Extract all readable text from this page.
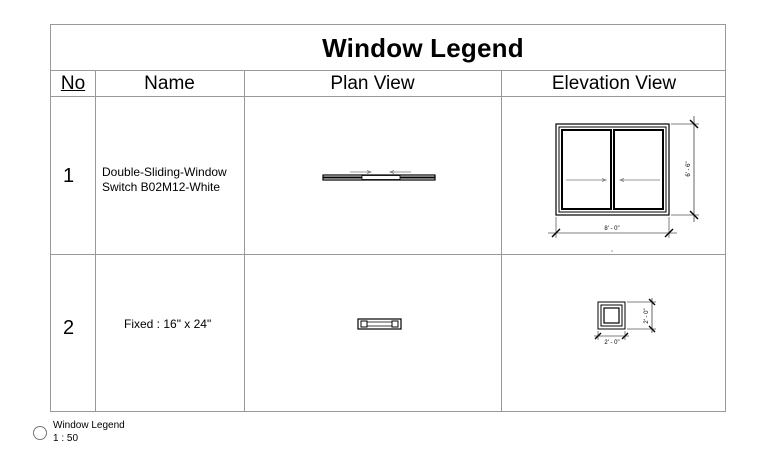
Window Legend
No	Name	Plan View	Elevation View
1 Double-Sliding-Window
Switch B02M12-White
2	Fixed : 16" x 24"
8' - 0"
6' - 6"
2' - 0"
2' - 0"
Window Legend
1 : 50
